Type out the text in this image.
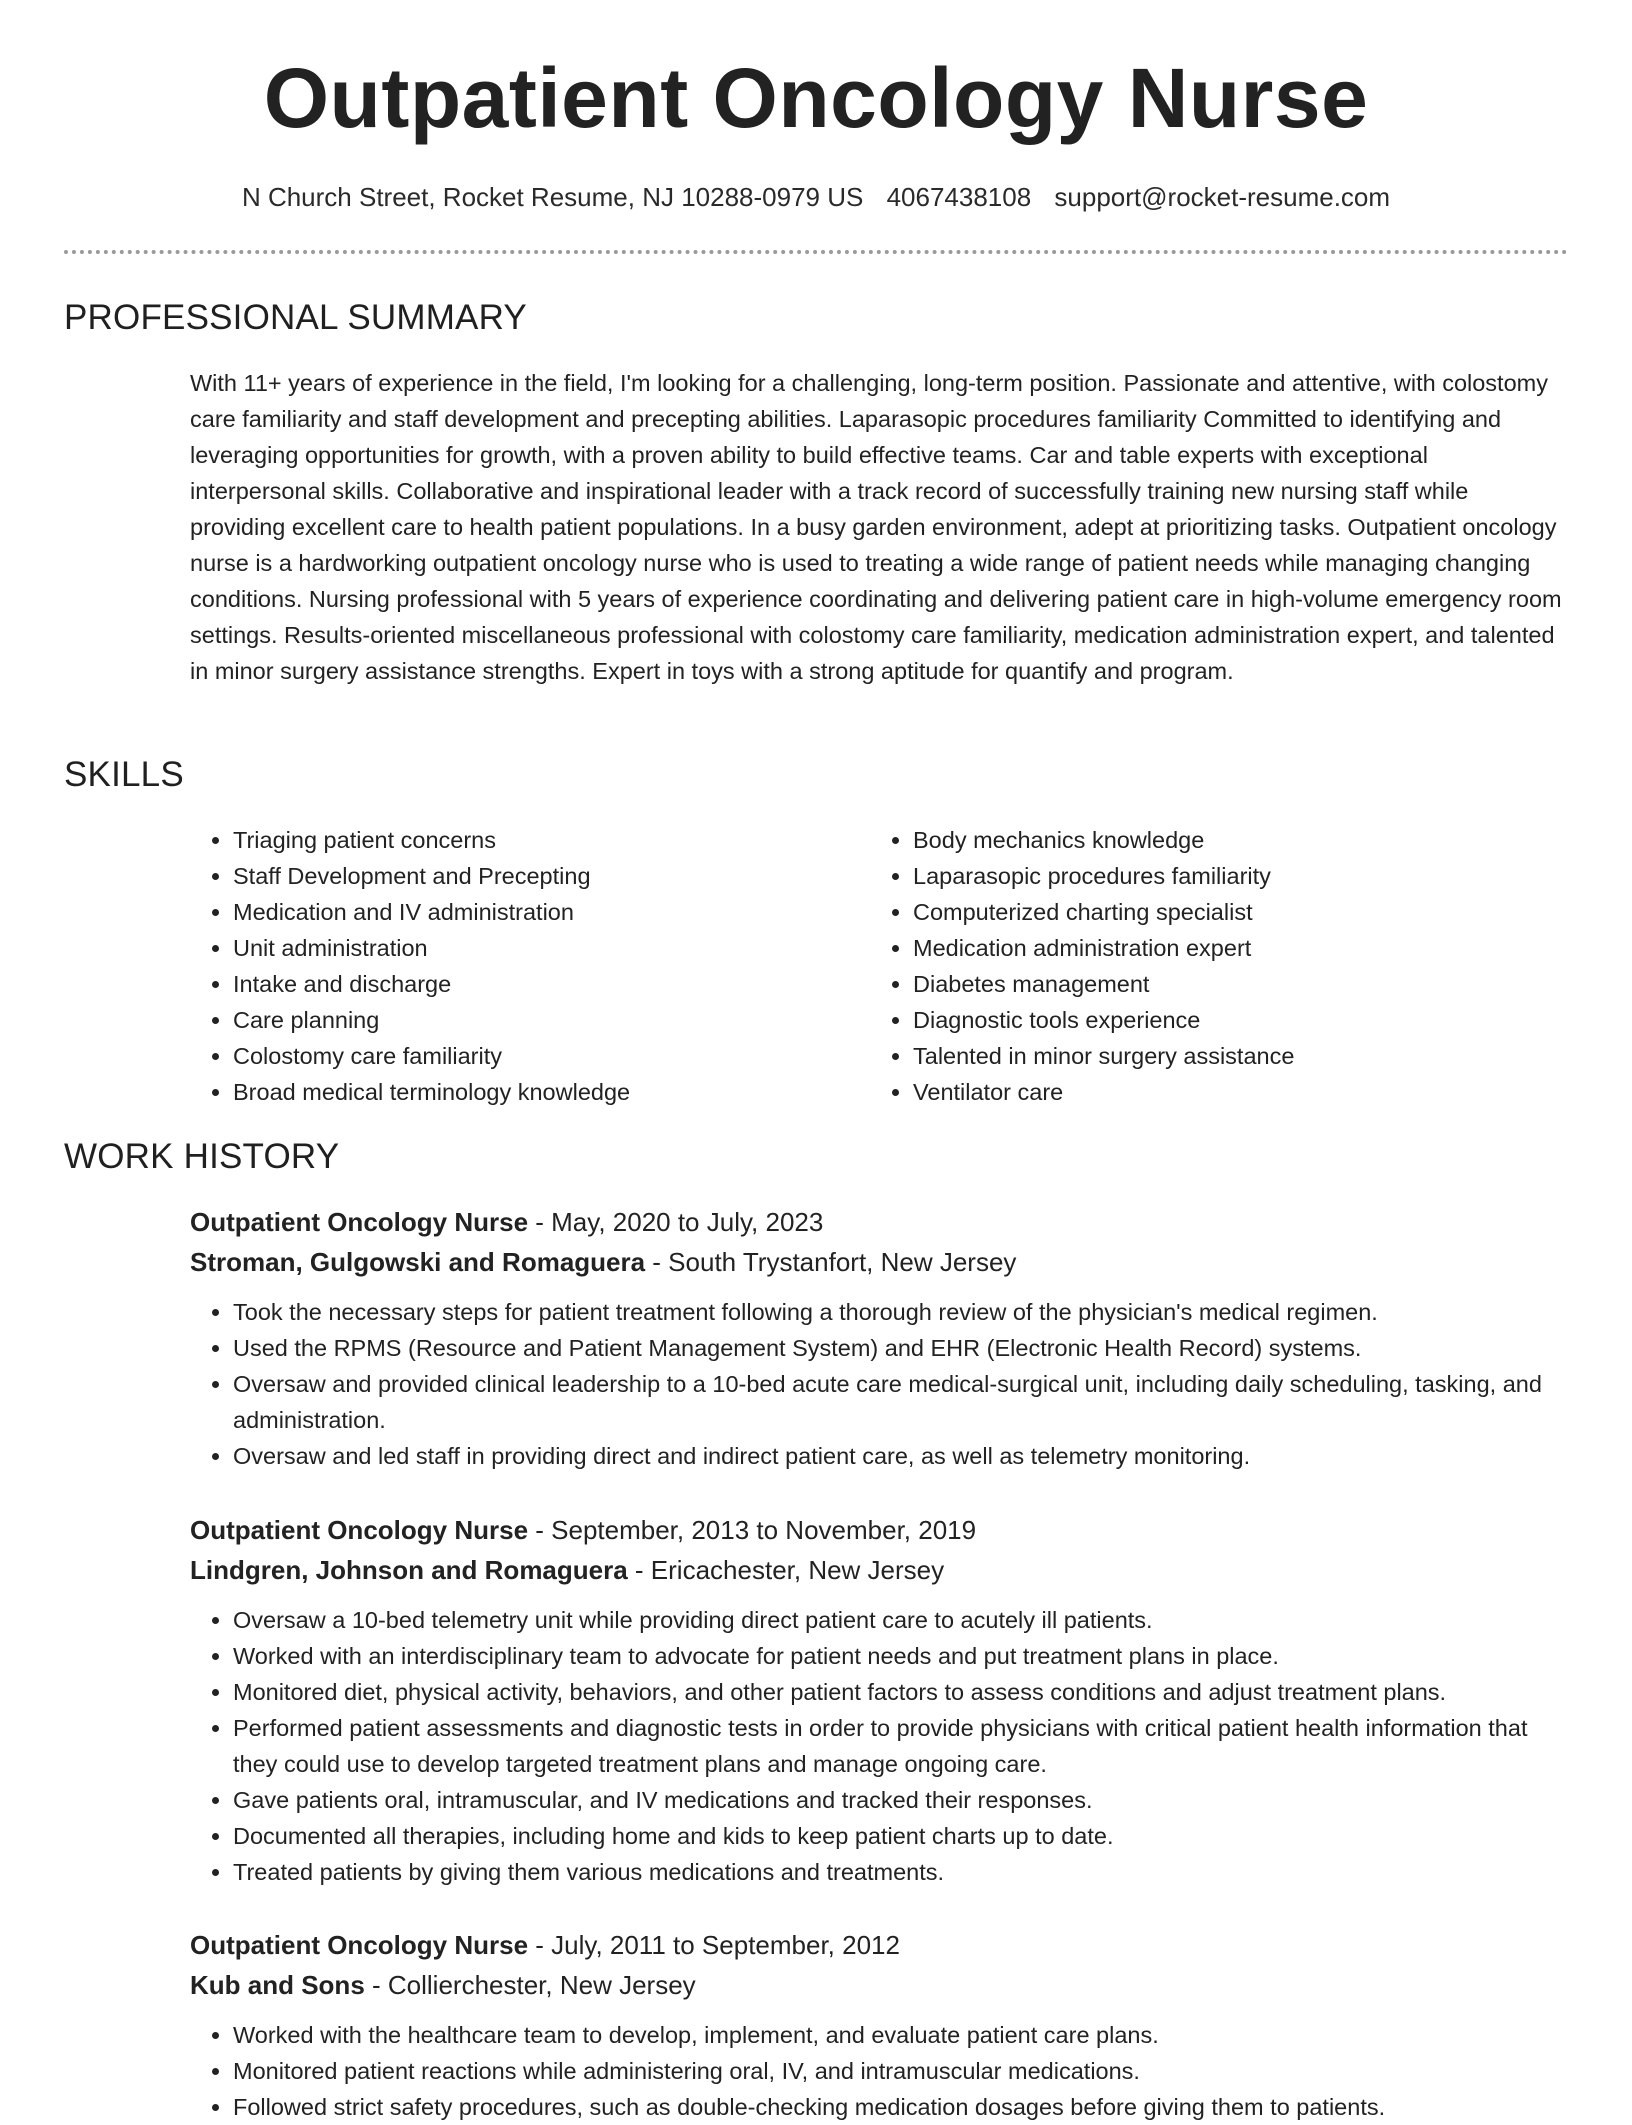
Outpatient Oncology Nurse
N Church Street, Rocket Resume, NJ 10288-0979 US 4067438108 support@rocket-resume.com
PROFESSIONAL SUMMARY

With 11+ years of experience in the field, I'm looking for a challenging, long-term position. Passionate and attentive, with colostomy care familiarity and staff development and precepting abilities. Laparasopic procedures familiarity Committed to identifying and leveraging opportunities for growth, with a proven ability to build effective teams. Car and table experts with exceptional interpersonal skills. Collaborative and inspirational leader with a track record of successfully training new nursing staff while providing excellent care to health patient populations. In a busy garden environment, adept at prioritizing tasks. Outpatient oncology nurse is a hardworking outpatient oncology nurse who is used to treating a wide range of patient needs while managing changing conditions. Nursing professional with 5 years of experience coordinating and delivering patient care in high-volume emergency room settings. Results-oriented miscellaneous professional with colostomy care familiarity, medication administration expert, and talented in minor surgery assistance strengths. Expert in toys with a strong aptitude for quantify and program.

SKILLS
• Triaging patient concerns
• Staff Development and Precepting
• Medication and IV administration
• Unit administration
• Intake and discharge
• Care planning
• Colostomy care familiarity
• Broad medical terminology knowledge
• Body mechanics knowledge
• Laparasopic procedures familiarity
• Computerized charting specialist
• Medication administration expert
• Diabetes management
• Diagnostic tools experience
• Talented in minor surgery assistance
• Ventilator care
WORK HISTORY
Outpatient Oncology Nurse - May, 2020 to July, 2023
Stroman, Gulgowski and Romaguera - South Trystanfort, New Jersey
• Took the necessary steps for patient treatment following a thorough review of the physician's medical regimen.
• Used the RPMS (Resource and Patient Management System) and EHR (Electronic Health Record) systems.
• Oversaw and provided clinical leadership to a 10-bed acute care medical-surgical unit, including daily scheduling, tasking, and administration.
• Oversaw and led staff in providing direct and indirect patient care, as well as telemetry monitoring.
Outpatient Oncology Nurse - September, 2013 to November, 2019
Lindgren, Johnson and Romaguera - Ericachester, New Jersey
• Oversaw a 10-bed telemetry unit while providing direct patient care to acutely ill patients.
• Worked with an interdisciplinary team to advocate for patient needs and put treatment plans in place.
• Monitored diet, physical activity, behaviors, and other patient factors to assess conditions and adjust treatment plans.
• Performed patient assessments and diagnostic tests in order to provide physicians with critical patient health information that they could use to develop targeted treatment plans and manage ongoing care.
• Gave patients oral, intramuscular, and IV medications and tracked their responses.
• Documented all therapies, including home and kids to keep patient charts up to date.
• Treated patients by giving them various medications and treatments.
Outpatient Oncology Nurse - July, 2011 to September, 2012
Kub and Sons - Collierchester, New Jersey
• Worked with the healthcare team to develop, implement, and evaluate patient care plans.
• Monitored patient reactions while administering oral, IV, and intramuscular medications.
• Followed strict safety procedures, such as double-checking medication dosages before giving them to patients.
